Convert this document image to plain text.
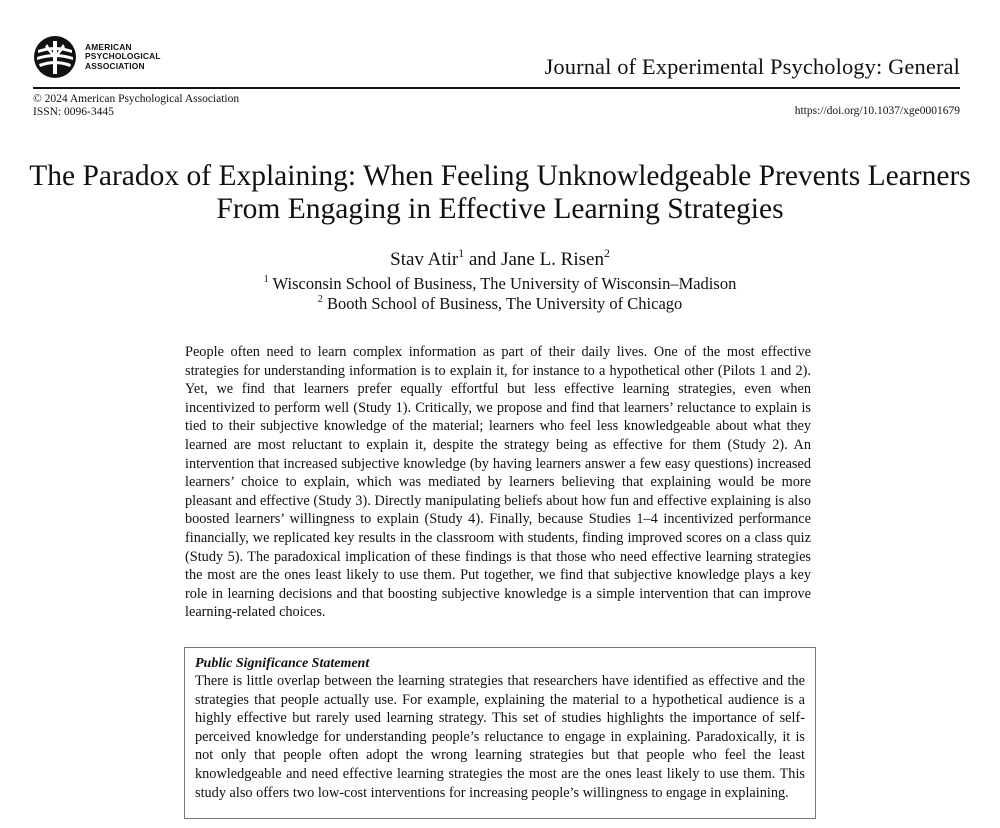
AMERICAN
PSYCHOLOGICAL
ASSOCIATION	Journal of Experimental Psychology: General
© 2024 American Psychological Association
ISSN: 0096-3445	https://doi.org/10.1037/xge0001679
The Paradox of Explaining: When Feeling Unknowledgeable Prevents Learners From Engaging in Effective Learning Strategies
Stav Atir$^1$ and Jane L. Risen$^2$
$^1$ Wisconsin School of Business, The University of Wisconsin–Madison
$^2$ Booth School of Business, The University of Chicago

People often need to learn complex information as part of their daily lives. One of the most effective strategies for understanding information is to explain it, for instance to a hypothetical other (Pilots 1 and 2). Yet, we find that learners prefer equally effortful but less effective learning strategies, even when incentivized to perform well (Study 1). Critically, we propose and find that learners’ reluctance to explain is tied to their subjective knowledge of the material; learners who feel less knowledgeable about what they learned are most reluctant to explain it, despite the strategy being as effective for them (Study 2). An intervention that increased subjective knowledge (by having learners answer a few easy questions) increased learners’ choice to explain, which was mediated by learners believing that explaining would be more pleasant and effective (Study 3). Directly manipulating beliefs about how fun and effective explaining is also boosted learners’ willingness to explain (Study 4). Finally, because Studies 1–4 incentivized performance financially, we replicated key results in the classroom with students, finding improved scores on a class quiz (Study 5). The paradoxical implication of these findings is that those who need effective learning strategies the most are the ones least likely to use them. Put together, we find that subjective knowledge plays a key role in learning decisions and that boosting subjective knowledge is a simple intervention that can improve learning-related choices.

Public Significance Statement

There is little overlap between the learning strategies that researchers have identified as effective and the strategies that people actually use. For example, explaining the material to a hypothetical audience is a highly effective but rarely used learning strategy. This set of studies highlights the importance of self-perceived knowledge for understanding people’s reluctance to engage in explaining. Paradoxically, it is not only that people often adopt the wrong learning strategies but that people who feel the least knowledgeable and need effective learning strategies the most are the ones least likely to use them. This study also offers two low-cost interventions for increasing people’s willingness to engage in explaining.
